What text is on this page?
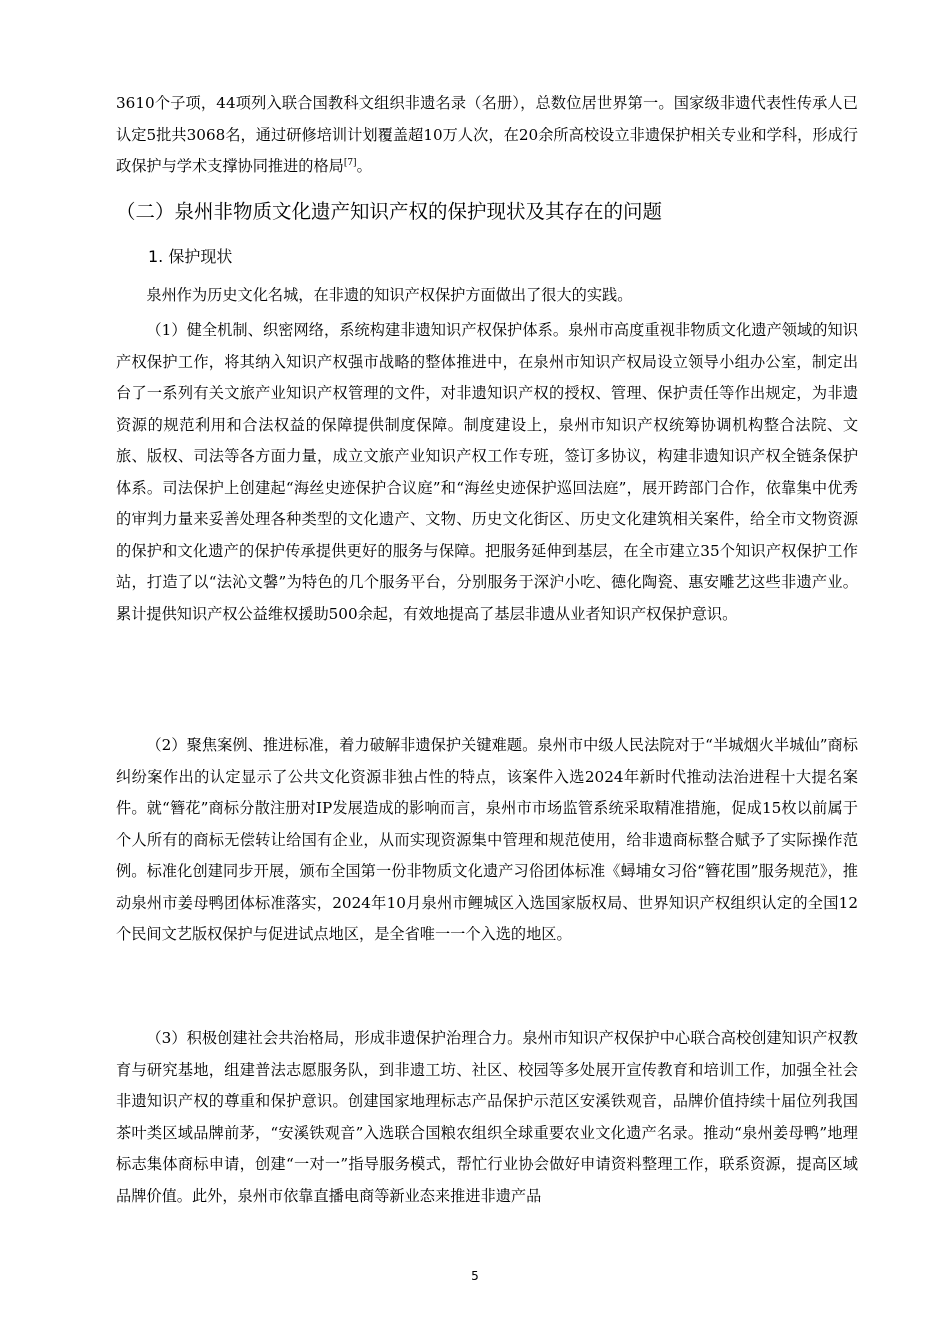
3610个子项，44项列入联合国教科文组织非遗名录（名册），总数位居世界第一。国家级非遗代表性传承人已认定5批共3068名，通过研修培训计划覆盖超10万人次，在20余所高校设立非遗保护相关专业和学科，形成行政保护与学术支撑协同推进的格局[7]。

（二）泉州非物质文化遗产知识产权的保护现状及其存在的问题
1. 保护现状

泉州作为历史文化名城，在非遗的知识产权保护方面做出了很大的实践。

（1）健全机制、织密网络，系统构建非遗知识产权保护体系。泉州市高度重视非物质文化遗产领域的知识产权保护工作，将其纳入知识产权强市战略的整体推进中，在泉州市知识产权局设立领导小组办公室，制定出台了一系列有关文旅产业知识产权管理的文件，对非遗知识产权的授权、管理、保护责任等作出规定，为非遗资源的规范利用和合法权益的保障提供制度保障。制度建设上，泉州市知识产权统筹协调机构整合法院、文旅、版权、司法等各方面力量，成立文旅产业知识产权工作专班，签订多协议，构建非遗知识产权全链条保护体系。司法保护上创建起“海丝史迹保护合议庭”和“海丝史迹保护巡回法庭”，展开跨部门合作，依靠集中优秀的审判力量来妥善处理各种类型的文化遗产、文物、历史文化街区、历史文化建筑相关案件，给全市文物资源的保护和文化遗产的保护传承提供更好的服务与保障。把服务延伸到基层，在全市建立35个知识产权保护工作站，打造了以“法沁文馨”为特色的几个服务平台，分别服务于深沪小吃、德化陶瓷、惠安雕艺这些非遗产业。累计提供知识产权公益维权援助500余起，有效地提高了基层非遗从业者知识产权保护意识。

（2）聚焦案例、推进标准，着力破解非遗保护关键难题。泉州市中级人民法院对于“半城烟火半城仙”商标纠纷案作出的认定显示了公共文化资源非独占性的特点，该案件入选2024年新时代推动法治进程十大提名案件。就“簪花”商标分散注册对IP发展造成的影响而言，泉州市市场监管系统采取精准措施，促成15枚以前属于个人所有的商标无偿转让给国有企业，从而实现资源集中管理和规范使用，给非遗商标整合赋予了实际操作范例。标准化创建同步开展，颁布全国第一份非物质文化遗产习俗团体标准《蟳埔女习俗“簪花围”服务规范》，推动泉州市姜母鸭团体标准落实，2024年10月泉州市鲤城区入选国家版权局、世界知识产权组织认定的全国12个民间文艺版权保护与促进试点地区，是全省唯一一个入选的地区。

（3）积极创建社会共治格局，形成非遗保护治理合力。泉州市知识产权保护中心联合高校创建知识产权教育与研究基地，组建普法志愿服务队，到非遗工坊、社区、校园等多处展开宣传教育和培训工作，加强全社会非遗知识产权的尊重和保护意识。创建国家地理标志产品保护示范区安溪铁观音，品牌价值持续十届位列我国茶叶类区域品牌前茅，“安溪铁观音”入选联合国粮农组织全球重要农业文化遗产名录。推动“泉州姜母鸭”地理标志集体商标申请，创建“一对一”指导服务模式，帮忙行业协会做好申请资料整理工作，联系资源，提高区域品牌价值。此外，泉州市依靠直播电商等新业态来推进非遗产品

5
